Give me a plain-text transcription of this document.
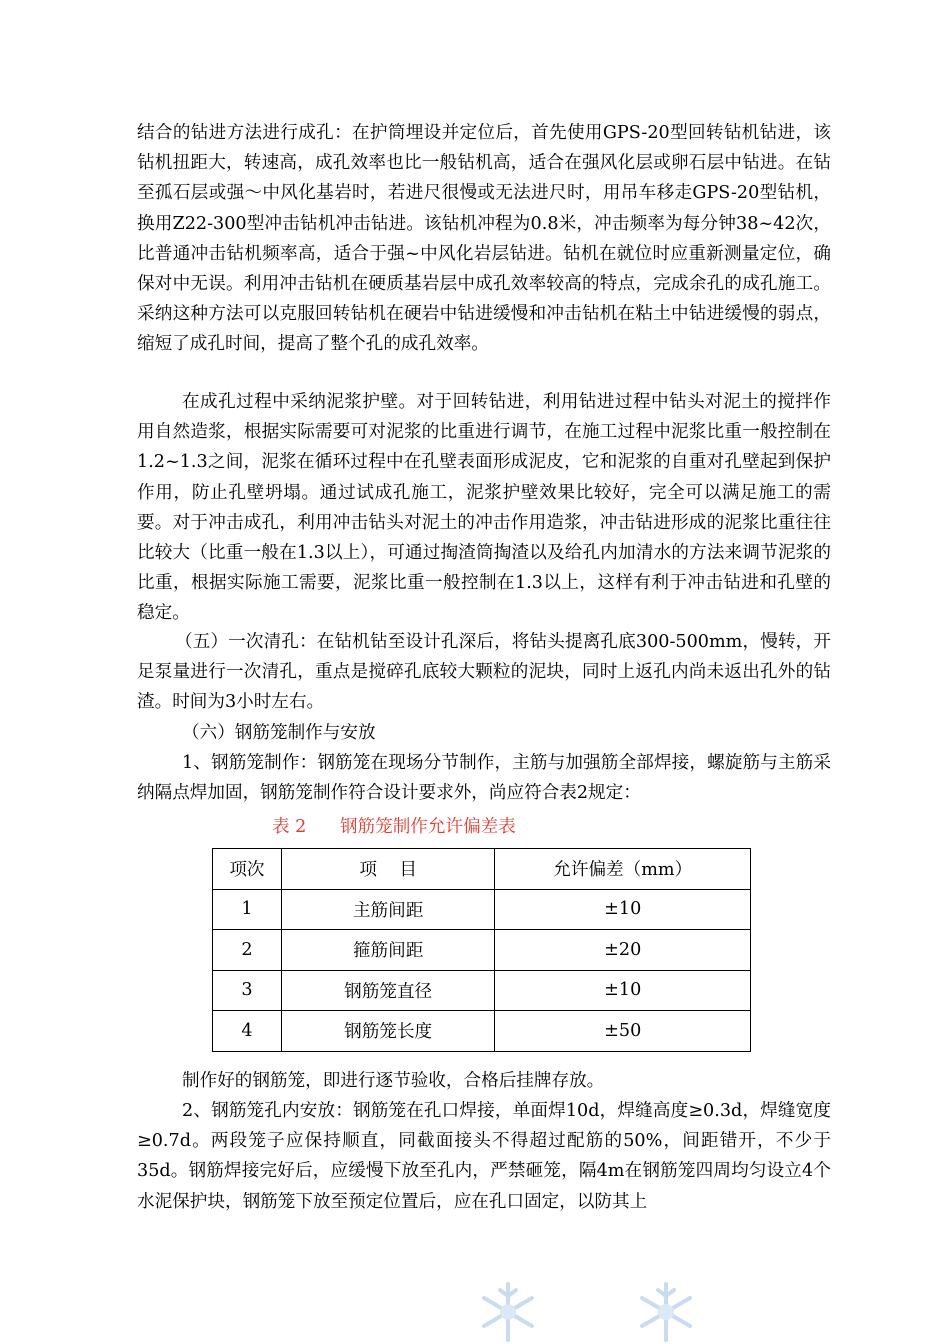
结合的钻进方法进行成孔：在护筒埋设并定位后，首先使用GPS-20型回转钻机钻进，该钻机扭距大，转速高，成孔效率也比一般钻机高，适合在强风化层或卵石层中钻进。在钻至孤石层或强～中风化基岩时，若进尺很慢或无法进尺时，用吊车移走GPS-20型钻机，换用Z22-300型冲击钻机冲击钻进。该钻机冲程为0.8米，冲击频率为每分钟38~42次，比普通冲击钻机频率高，适合于强~中风化岩层钻进。钻机在就位时应重新测量定位，确保对中无误。利用冲击钻机在硬质基岩层中成孔效率较高的特点，完成余孔的成孔施工。采纳这种方法可以克服回转钻机在硬岩中钻进缓慢和冲击钻机在粘土中钻进缓慢的弱点，缩短了成孔时间，提高了整个孔的成孔效率。
在成孔过程中采纳泥浆护壁。对于回转钻进，利用钻进过程中钻头对泥土的搅拌作用自然造浆，根据实际需要可对泥浆的比重进行调节，在施工过程中泥浆比重一般控制在1.2~1.3之间，泥浆在循环过程中在孔壁表面形成泥皮，它和泥浆的自重对孔壁起到保护作用，防止孔壁坍塌。通过试成孔施工，泥浆护壁效果比较好，完全可以满足施工的需要。对于冲击成孔，利用冲击钻头对泥土的冲击作用造浆，冲击钻进形成的泥浆比重往往比较大（比重一般在1.3以上），可通过掏渣筒掏渣以及给孔内加清水的方法来调节泥浆的比重，根据实际施工需要，泥浆比重一般控制在1.3以上，这样有利于冲击钻进和孔壁的稳定。
（五）一次清孔：在钻机钻至设计孔深后，将钻头提离孔底300-500mm，慢转，开足泵量进行一次清孔，重点是搅碎孔底较大颗粒的泥块，同时上返孔内尚未返出孔外的钻渣。时间为3小时左右。
（六）钢筋笼制作与安放
1、钢筋笼制作：钢筋笼在现场分节制作，主筋与加强筋全部焊接，螺旋筋与主筋采纳隔点焊加固，钢筋笼制作符合设计要求外，尚应符合表2规定：
表 2      钢筋笼制作允许偏差表
项次	项    目	允许偏差（mm）
1	主筋间距	±10
2	箍筋间距	±20
3	钢筋笼直径	±10
4	钢筋笼长度	±50
制作好的钢筋笼，即进行逐节验收，合格后挂牌存放。
2、钢筋笼孔内安放：钢筋笼在孔口焊接，单面焊10d，焊缝高度≥0.3d，焊缝宽度≥0.7d。两段笼子应保持顺直，同截面接头不得超过配筋的50%，间距错开，不少于35d。钢筋焊接完好后，应缓慢下放至孔内，严禁砸笼，隔4m在钢筋笼四周均匀设立4个水泥保护块，钢筋笼下放至预定位置后，应在孔口固定，以防其上
